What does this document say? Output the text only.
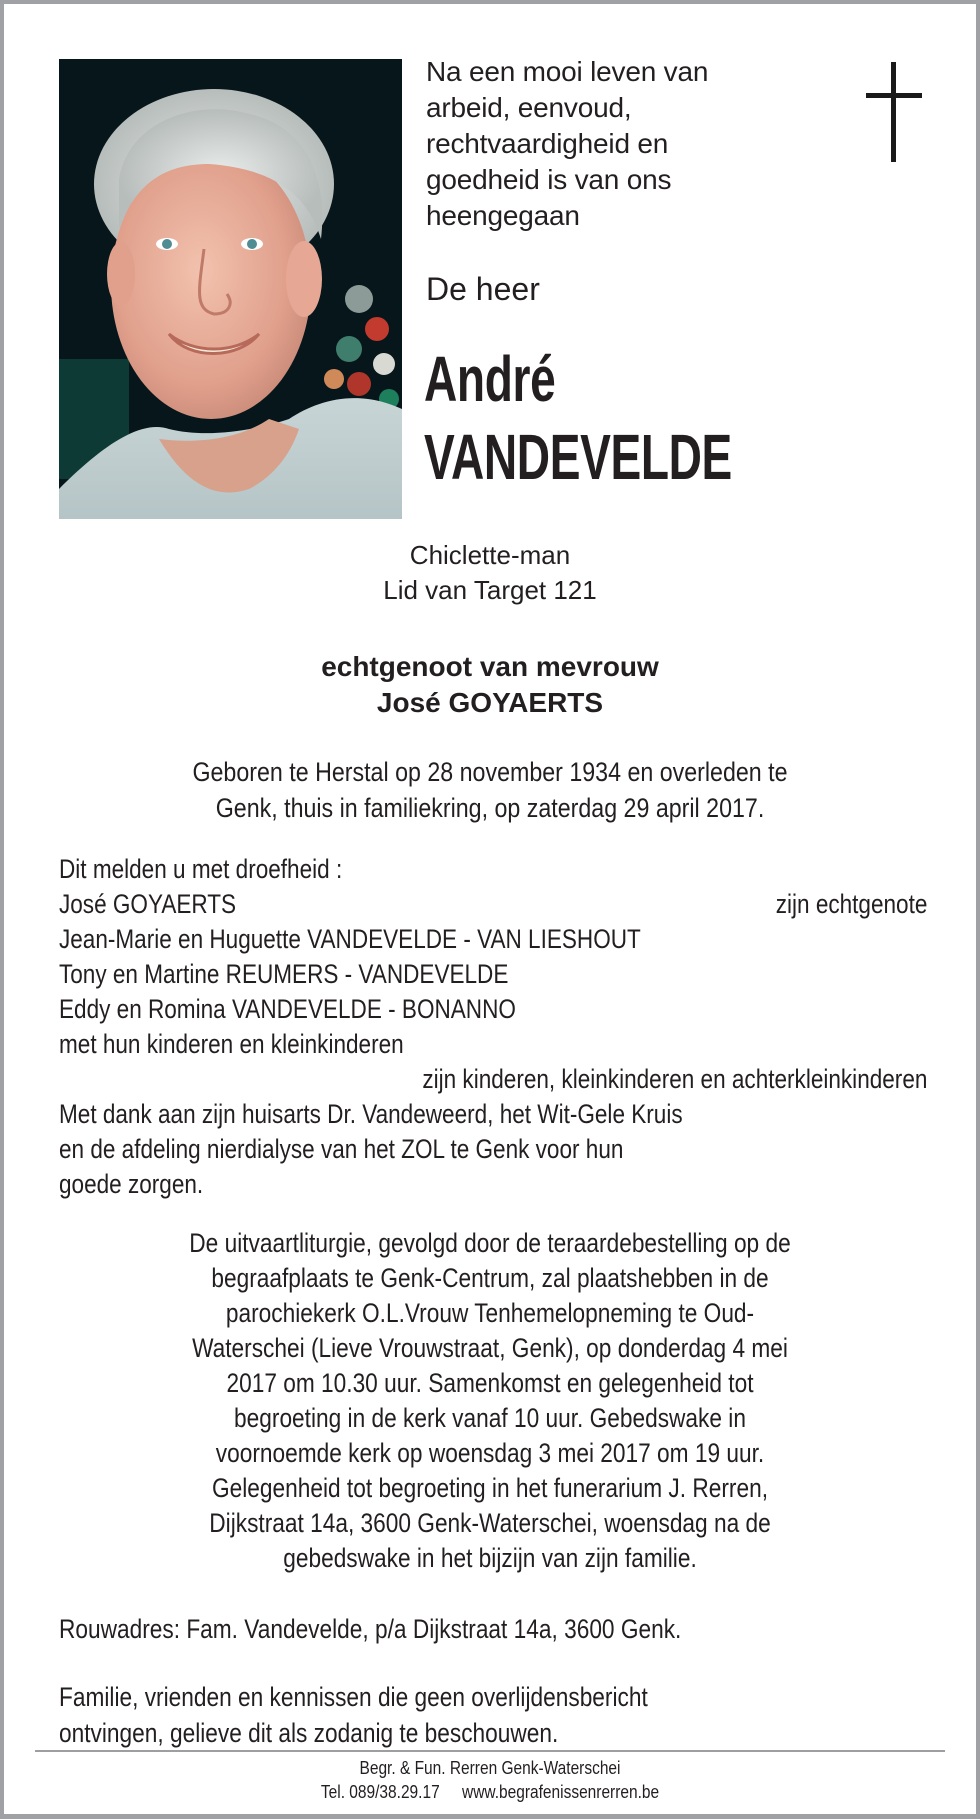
Na een mooi leven van
arbeid, eenvoud,
rechtvaardigheid en
goedheid is van ons
heengegaan
De heer
André
VANDEVELDE
Chiclette-man
Lid van Target 121
echtgenoot van mevrouw
José GOYAERTS
Geboren te Herstal op 28 november 1934 en overleden te
Genk, thuis in familiekring, op zaterdag 29 april 2017.
Dit melden u met droefheid :
José GOYAERTS	zijn echtgenote
Jean-Marie en Huguette VANDEVELDE - VAN LIESHOUT
Tony en Martine REUMERS - VANDEVELDE
Eddy en Romina VANDEVELDE - BONANNO
met hun kinderen en kleinkinderen
zijn kinderen, kleinkinderen en achterkleinkinderen
Met dank aan zijn huisarts Dr. Vandeweerd, het Wit-Gele Kruis
en de afdeling nierdialyse van het ZOL te Genk voor hun
goede zorgen.
De uitvaartliturgie, gevolgd door de teraardebestelling op de
begraafplaats te Genk-Centrum, zal plaatshebben in de
parochiekerk O.L.Vrouw Tenhemelopneming te Oud-
Waterschei (Lieve Vrouwstraat, Genk), op donderdag 4 mei
2017 om 10.30 uur. Samenkomst en gelegenheid tot
begroeting in de kerk vanaf 10 uur. Gebedswake in
voornoemde kerk op woensdag 3 mei 2017 om 19 uur.
Gelegenheid tot begroeting in het funerarium J. Rerren,
Dijkstraat 14a, 3600 Genk-Waterschei, woensdag na de
gebedswake in het bijzijn van zijn familie.
Rouwadres: Fam. Vandevelde, p/a Dijkstraat 14a, 3600 Genk.
Familie, vrienden en kennissen die geen overlijdensbericht
ontvingen, gelieve dit als zodanig te beschouwen.
Begr. & Fun. Rerren Genk-Waterschei
Tel. 089/38.29.17 www.begrafenissenrerren.be
